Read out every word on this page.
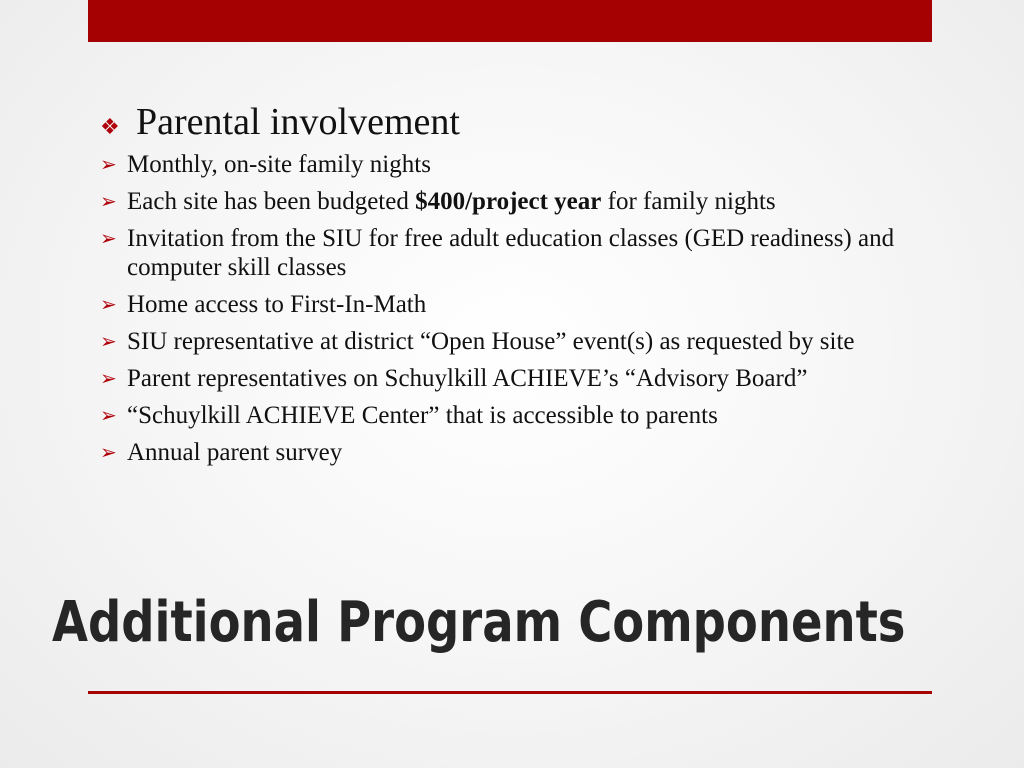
❖ Parental involvement
➢ Monthly, on-site family nights
➢ Each site has been budgeted $400/project year for family nights
➢ Invitation from the SIU for free adult education classes (GED readiness) and computer skill classes
➢ Home access to First-In-Math
➢ SIU representative at district “Open House” event(s) as requested by site
➢ Parent representatives on Schuylkill ACHIEVE’s “Advisory Board”
➢ “Schuylkill ACHIEVE Center” that is accessible to parents
➢ Annual parent survey
Additional Program Components
